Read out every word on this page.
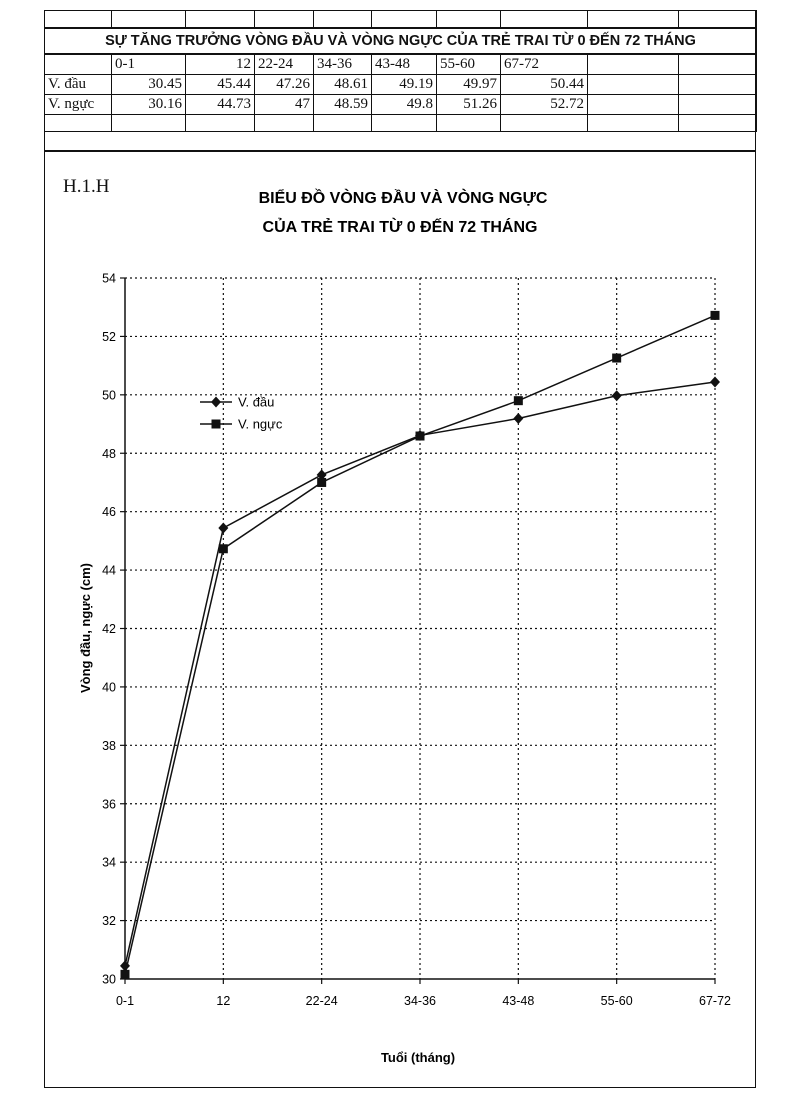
SỰ TĂNG TRƯỞNG VÒNG ĐẦU VÀ VÒNG NGỰC CỦA TRẺ TRAI TỪ 0 ĐẾN 72 THÁNG									
	0-1	12	22-24	34-36	43-48	55-60	67-72		
V. đầu	30.45	45.44	47.26	48.61	49.19	49.97	50.44		
V. ngực	30.16	44.73	47	48.59	49.8	51.26	52.72		

H.1.H
BIỂU ĐỒ VÒNG ĐẦU VÀ VÒNG NGỰC
CỦA TRẺ TRAI TỪ 0 ĐẾN 72 THÁNG
30
32
34
36
38
40
42
44
46
48
50
52
54
0-1	12	22-24	34-36	43-48	55-60	67-72
Tuổi (tháng)
Vòng đầu, ngực (cm)
V. đầu
V. ngực
